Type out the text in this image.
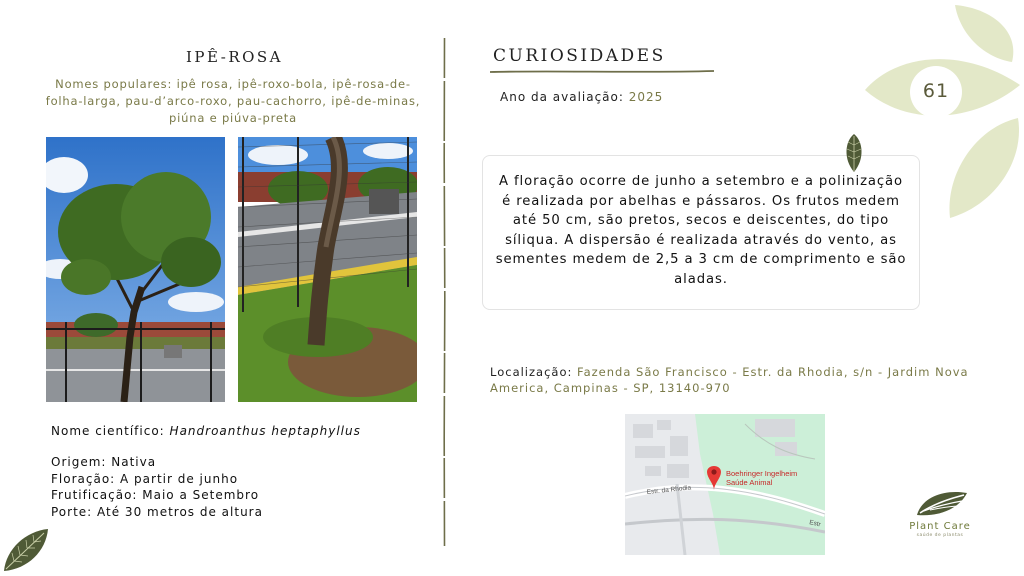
IPÊ-ROSA
Nomes populares: ipê rosa, ipê-roxo-bola, ipê-rosa-de-folha-larga, pau-d’arco-roxo, pau-cachorro, ipê-de-minas, piúna e piúva-preta
Nome científico: Handroanthus heptaphyllus
Origem: Nativa
Floração: A partir de junho
Frutificação: Maio a Setembro
Porte: Até 30 metros de altura
CURIOSIDADES
Ano da avaliação: 2025
A floração ocorre de junho a setembro e a polinização é realizada por abelhas e pássaros. Os frutos medem até 50 cm, são pretos, secos e deiscentes, do tipo síliqua. A dispersão é realizada através do vento, as sementes medem de 2,5 a 3 cm de comprimento e são aladas.
Localização: Fazenda São Francisco - Estr. da Rhodia, s/n - Jardim Nova America, Campinas - SP, 13140-970
Boehringer Ingelheim
Saúde Animal
Estr. da Rhodia
Estr
61
Plant Care
saúde de plantas
